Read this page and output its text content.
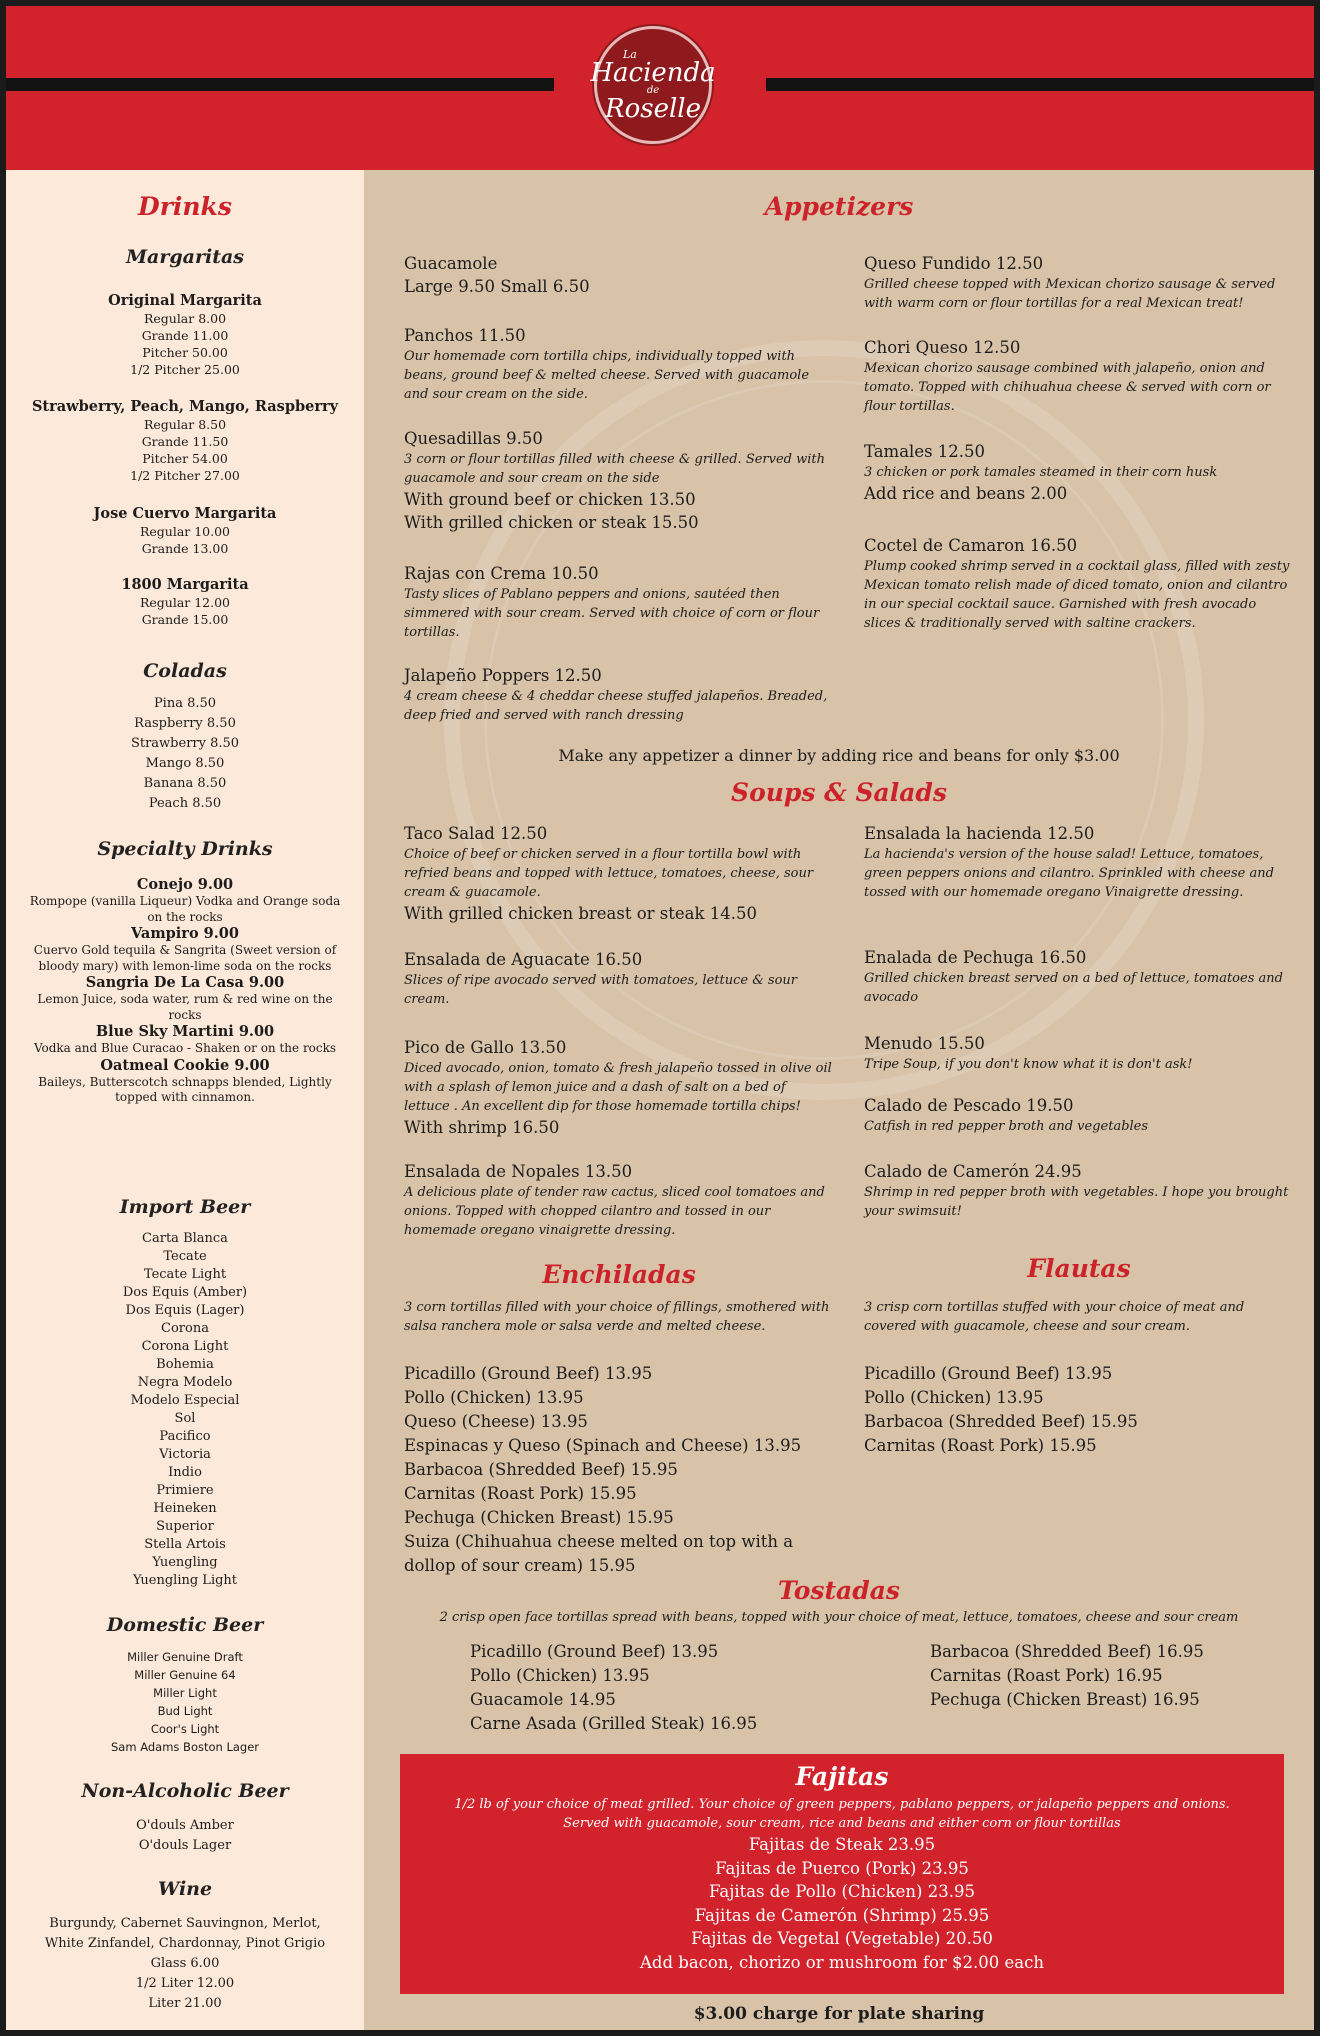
La
Hacienda
de
Roselle
Drinks
Margaritas
Original Margarita
Regular 8.00
Grande 11.00
Pitcher 50.00
1/2 Pitcher 25.00
Strawberry, Peach, Mango, Raspberry
Regular 8.50
Grande 11.50
Pitcher 54.00
1/2 Pitcher 27.00
Jose Cuervo Margarita
Regular 10.00
Grande 13.00
1800 Margarita
Regular 12.00
Grande 15.00
Coladas
Pina 8.50
Raspberry 8.50
Strawberry 8.50
Mango 8.50
Banana 8.50
Peach 8.50
Specialty Drinks
Conejo 9.00
Rompope (vanilla Liqueur) Vodka and Orange soda on the rocks
Vampiro 9.00
Cuervo Gold tequila & Sangrita (Sweet version of bloody mary) with lemon-lime soda on the rocks
Sangria De La Casa 9.00
Lemon Juice, soda water, rum & red wine on the rocks
Blue Sky Martini 9.00
Vodka and Blue Curacao - Shaken or on the rocks
Oatmeal Cookie 9.00
Baileys, Butterscotch schnapps blended, Lightly topped with cinnamon.
Import Beer
Carta Blanca
Tecate
Tecate Light
Dos Equis (Amber)
Dos Equis (Lager)
Corona
Corona Light
Bohemia
Negra Modelo
Modelo Especial
Sol
Pacifico
Victoria
Indio
Primiere
Heineken
Superior
Stella Artois
Yuengling
Yuengling Light
Domestic Beer
Miller Genuine Draft
Miller Genuine 64
Miller Light
Bud Light
Coor's Light
Sam Adams Boston Lager
Non-Alcoholic Beer
O'douls Amber
O'douls Lager
Wine
Burgundy, Cabernet Sauvingnon, Merlot,
White Zinfandel, Chardonnay, Pinot Grigio
Glass 6.00
1/2 Liter 12.00
Liter 21.00
Appetizers
Guacamole
Large 9.50 Small 6.50
Panchos 11.50
Our homemade corn tortilla chips, individually topped with beans, ground beef & melted cheese. Served with guacamole and sour cream on the side.
Quesadillas 9.50
3 corn or flour tortillas filled with cheese & grilled. Served with guacamole and sour cream on the side
With ground beef or chicken 13.50
With grilled chicken or steak 15.50
Rajas con Crema 10.50
Tasty slices of Pablano peppers and onions, sautéed then simmered with sour cream. Served with choice of corn or flour tortillas.
Jalapeño Poppers 12.50
4 cream cheese & 4 cheddar cheese stuffed jalapeños. Breaded, deep fried and served with ranch dressing
Queso Fundido 12.50
Grilled cheese topped with Mexican chorizo sausage & served with warm corn or flour tortillas for a real Mexican treat!
Chori Queso 12.50
Mexican chorizo sausage combined with jalapeño, onion and tomato. Topped with chihuahua cheese & served with corn or flour tortillas.
Tamales 12.50
3 chicken or pork tamales steamed in their corn husk
Add rice and beans 2.00
Coctel de Camaron 16.50
Plump cooked shrimp served in a cocktail glass, filled with zesty Mexican tomato relish made of diced tomato, onion and cilantro in our special cocktail sauce. Garnished with fresh avocado slices & traditionally served with saltine crackers.
Make any appetizer a dinner by adding rice and beans for only $3.00
Soups & Salads
Taco Salad 12.50
Choice of beef or chicken served in a flour tortilla bowl with refried beans and topped with lettuce, tomatoes, cheese, sour cream & guacamole.
With grilled chicken breast or steak 14.50
Ensalada de Aguacate 16.50
Slices of ripe avocado served with tomatoes, lettuce & sour cream.
Pico de Gallo 13.50
Diced avocado, onion, tomato & fresh jalapeño tossed in olive oil with a splash of lemon juice and a dash of salt on a bed of lettuce . An excellent dip for those homemade tortilla chips!
With shrimp 16.50
Ensalada de Nopales 13.50
A delicious plate of tender raw cactus, sliced cool tomatoes and onions. Topped with chopped cilantro and tossed in our homemade oregano vinaigrette dressing.
Ensalada la hacienda 12.50
La hacienda's version of the house salad! Lettuce, tomatoes, green peppers onions and cilantro. Sprinkled with cheese and tossed with our homemade oregano Vinaigrette dressing.
Enalada de Pechuga 16.50
Grilled chicken breast served on a bed of lettuce, tomatoes and avocado
Menudo 15.50
Tripe Soup, if you don't know what it is don't ask!
Calado de Pescado 19.50
Catfish in red pepper broth and vegetables
Calado de Camerón 24.95
Shrimp in red pepper broth with vegetables. I hope you brought your swimsuit!
Enchiladas
3 corn tortillas filled with your choice of fillings, smothered with salsa ranchera mole or salsa verde and melted cheese.
Picadillo (Ground Beef) 13.95
Pollo (Chicken) 13.95
Queso (Cheese) 13.95
Espinacas y Queso (Spinach and Cheese) 13.95
Barbacoa (Shredded Beef) 15.95
Carnitas (Roast Pork) 15.95
Pechuga (Chicken Breast) 15.95
Suiza (Chihuahua cheese melted on top with a
dollop of sour cream) 15.95
Flautas
3 crisp corn tortillas stuffed with your choice of meat and covered with guacamole, cheese and sour cream.
Picadillo (Ground Beef) 13.95
Pollo (Chicken) 13.95
Barbacoa (Shredded Beef) 15.95
Carnitas (Roast Pork) 15.95
Tostadas
2 crisp open face tortillas spread with beans, topped with your choice of meat, lettuce, tomatoes, cheese and sour cream
Picadillo (Ground Beef) 13.95
Pollo (Chicken) 13.95
Guacamole 14.95
Carne Asada (Grilled Steak) 16.95
Barbacoa (Shredded Beef) 16.95
Carnitas (Roast Pork) 16.95
Pechuga (Chicken Breast) 16.95
Fajitas
1/2 lb of your choice of meat grilled. Your choice of green peppers, pablano peppers, or jalapeño peppers and onions. Served with guacamole, sour cream, rice and beans and either corn or flour tortillas
Fajitas de Steak 23.95
Fajitas de Puerco (Pork) 23.95
Fajitas de Pollo (Chicken) 23.95
Fajitas de Camerón (Shrimp) 25.95
Fajitas de Vegetal (Vegetable) 20.50
Add bacon, chorizo or mushroom for $2.00 each
$3.00 charge for plate sharing
